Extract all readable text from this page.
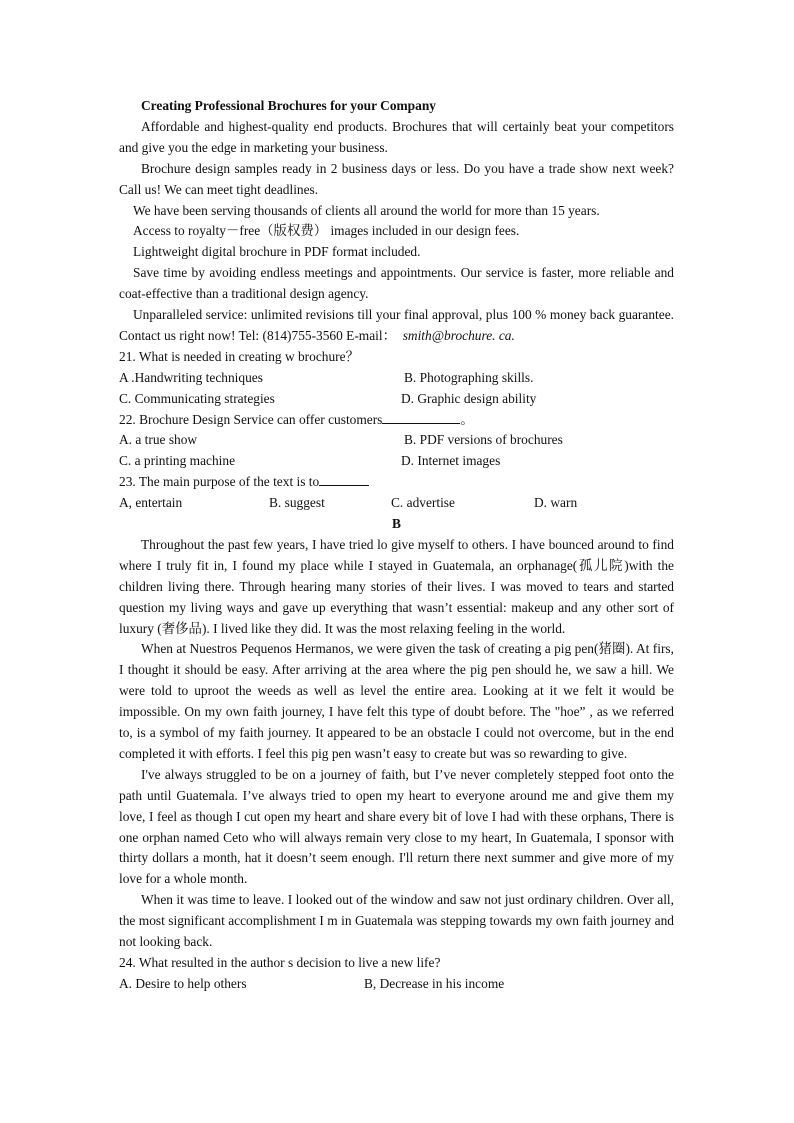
Creating Professional Brochures for your Company

Affordable and highest-quality end products. Brochures that will certainly beat your competitors and give you the edge in marketing your business.

Brochure design samples ready in 2 business days or less. Do you have a trade show next week? Call us! We can meet tight deadlines.

We have been serving thousands of clients all around the world for more than 15 years.

Access to royalty－free（版权费） images included in our design fees.

Lightweight digital brochure in PDF format included.

Save time by avoiding endless meetings and appointments. Our service is faster, more reliable and coat-effective than a traditional design agency.

Unparalleled service: unlimited revisions till your final approval, plus 100 % money back guarantee. Contact us right now! Tel: (814)755-3560 E-mail： smith@brochure. ca.

21. What is needed in creating w brochure？
A .Handwriting techniques	B. Photographing skills.
C. Communicating strategies	D. Graphic design ability
22. Brochure Design Service can offer customers	。
A. a true show	B. PDF versions of brochures
C. a printing machine	D. Internet images
23. The main purpose of the text is to
A, entertain	B. suggest	C. advertise	D. warn
B

Throughout the past few years, I have tried lo give myself to others. I have bounced around to find where I truly fit in, I found my place while I stayed in Guatemala, an orphanage(孤儿院)with the children living there. Through hearing many stories of their lives. I was moved to tears and started question my living ways and gave up everything that wasn’t essential: makeup and any other sort of luxury (奢侈品). I lived like they did. It was the most relaxing feeling in the world.

When at Nuestros Pequenos Hermanos, we were given the task of creating a pig pen(猪圈). At firs, I thought it should be easy. After arriving at the area where the pig pen should he, we saw a hill. We were told to uproot the weeds as well as level the entire area. Looking at it we felt it would be impossible. On my own faith journey, I have felt this type of doubt before. The "hoe” , as we referred to, is a symbol of my faith journey. It appeared to be an obstacle I could not overcome, but in the end completed it with efforts. I feel this pig pen wasn’t easy to create but was so rewarding to give.

I've always struggled to be on a journey of faith, but I’ve never completely stepped foot onto the path until Guatemala. I’ve always tried to open my heart to everyone around me and give them my love, I feel as though I cut open my heart and share every bit of love I had with these orphans, There is one orphan named Ceto who will always remain very close to my heart, In Guatemala, I sponsor with thirty dollars a month, hat it doesn’t seem enough. I'll return there next summer and give more of my love for a whole month.

When it was time to leave. I looked out of the window and saw not just ordinary children. Over all, the most significant accomplishment I m in Guatemala was stepping towards my own faith journey and not looking back.

24. What resulted in the author s decision to live a new life?
A. Desire to help others	B, Decrease in his income
